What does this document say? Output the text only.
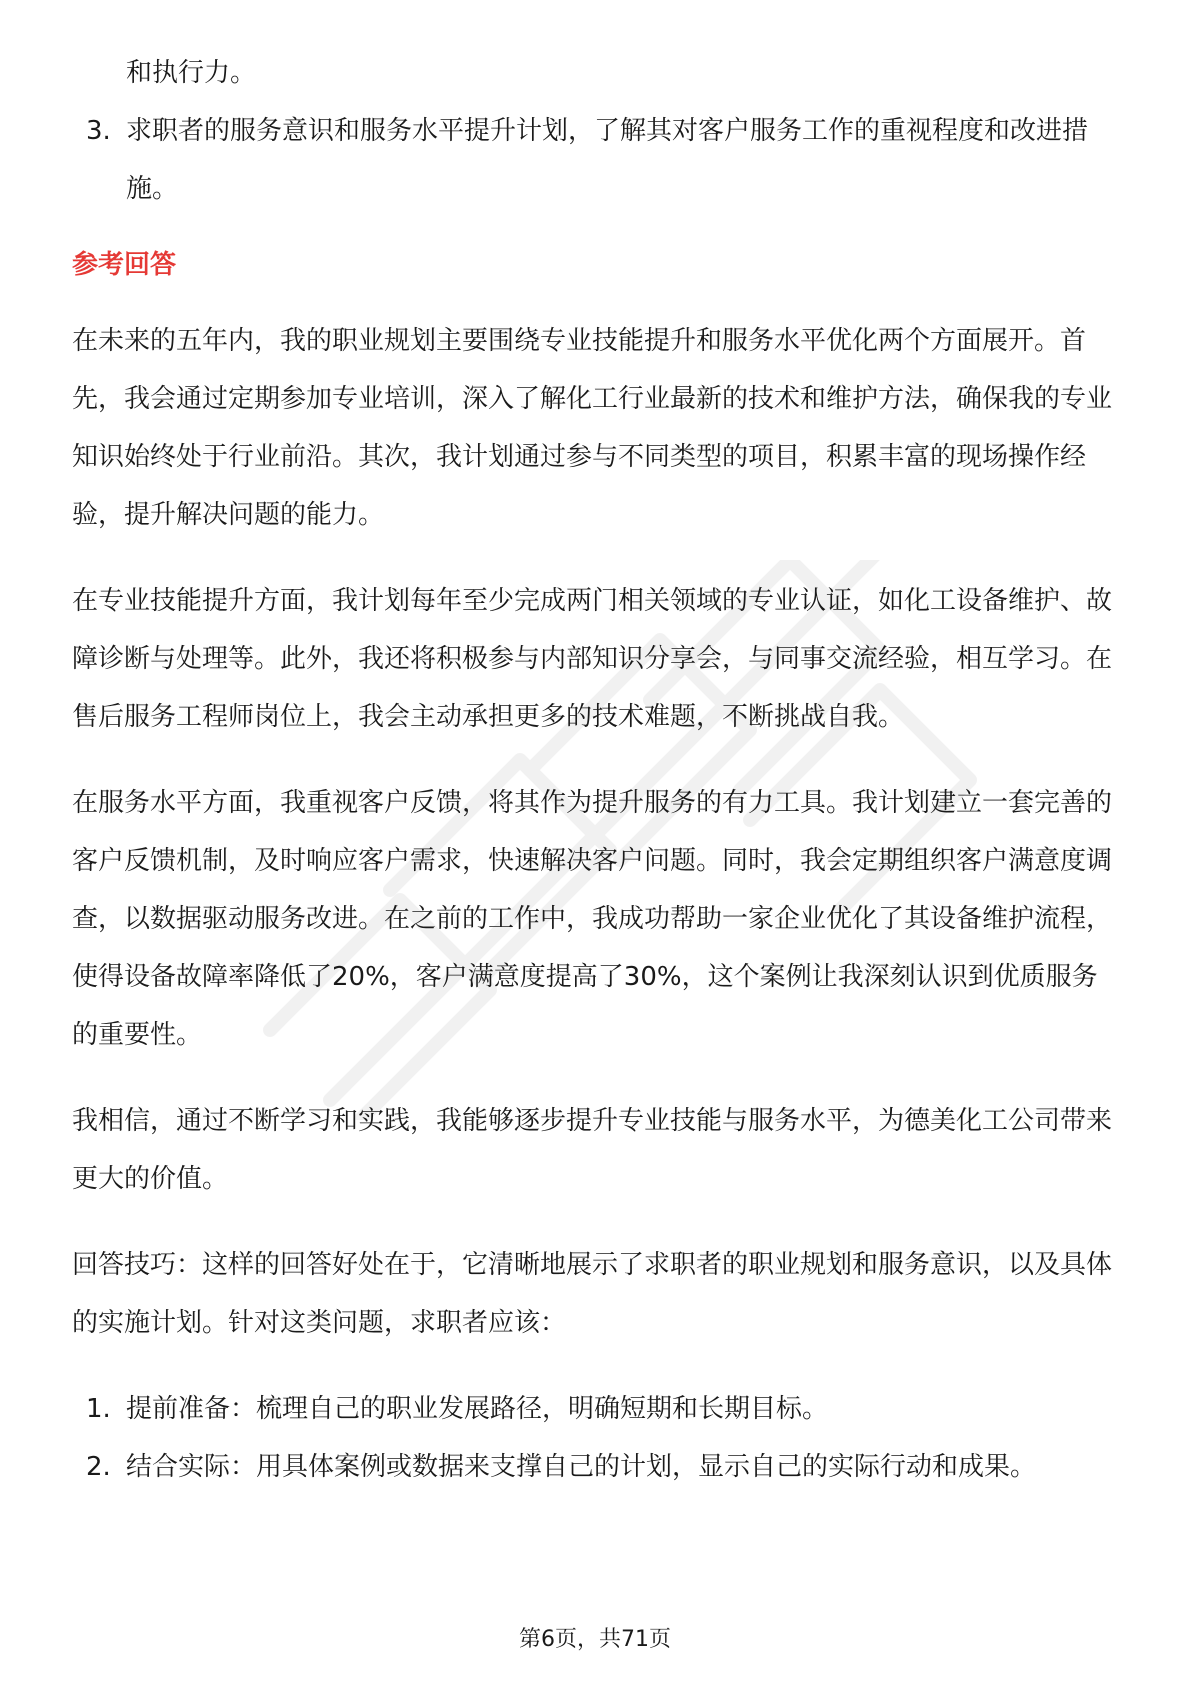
和执行力。
3. 求职者的服务意识和服务水平提升计划，了解其对客户服务工作的重视程度和改进措施。
参考回答

在未来的五年内，我的职业规划主要围绕专业技能提升和服务水平优化两个方面展开。首先，我会通过定期参加专业培训，深入了解化工行业最新的技术和维护方法，确保我的专业知识始终处于行业前沿。其次，我计划通过参与不同类型的项目，积累丰富的现场操作经验，提升解决问题的能力。

在专业技能提升方面，我计划每年至少完成两门相关领域的专业认证，如化工设备维护、故障诊断与处理等。此外，我还将积极参与内部知识分享会，与同事交流经验，相互学习。在售后服务工程师岗位上，我会主动承担更多的技术难题，不断挑战自我。

在服务水平方面，我重视客户反馈，将其作为提升服务的有力工具。我计划建立一套完善的客户反馈机制，及时响应客户需求，快速解决客户问题。同时，我会定期组织客户满意度调查，以数据驱动服务改进。在之前的工作中，我成功帮助一家企业优化了其设备维护流程，使得设备故障率降低了20%，客户满意度提高了30%，这个案例让我深刻认识到优质服务的重要性。

我相信，通过不断学习和实践，我能够逐步提升专业技能与服务水平，为德美化工公司带来更大的价值。

回答技巧：这样的回答好处在于，它清晰地展示了求职者的职业规划和服务意识，以及具体的实施计划。针对这类问题，求职者应该：

1. 提前准备：梳理自己的职业发展路径，明确短期和长期目标。
2. 结合实际：用具体案例或数据来支撑自己的计划，显示自己的实际行动和成果。
第6页，共71页
